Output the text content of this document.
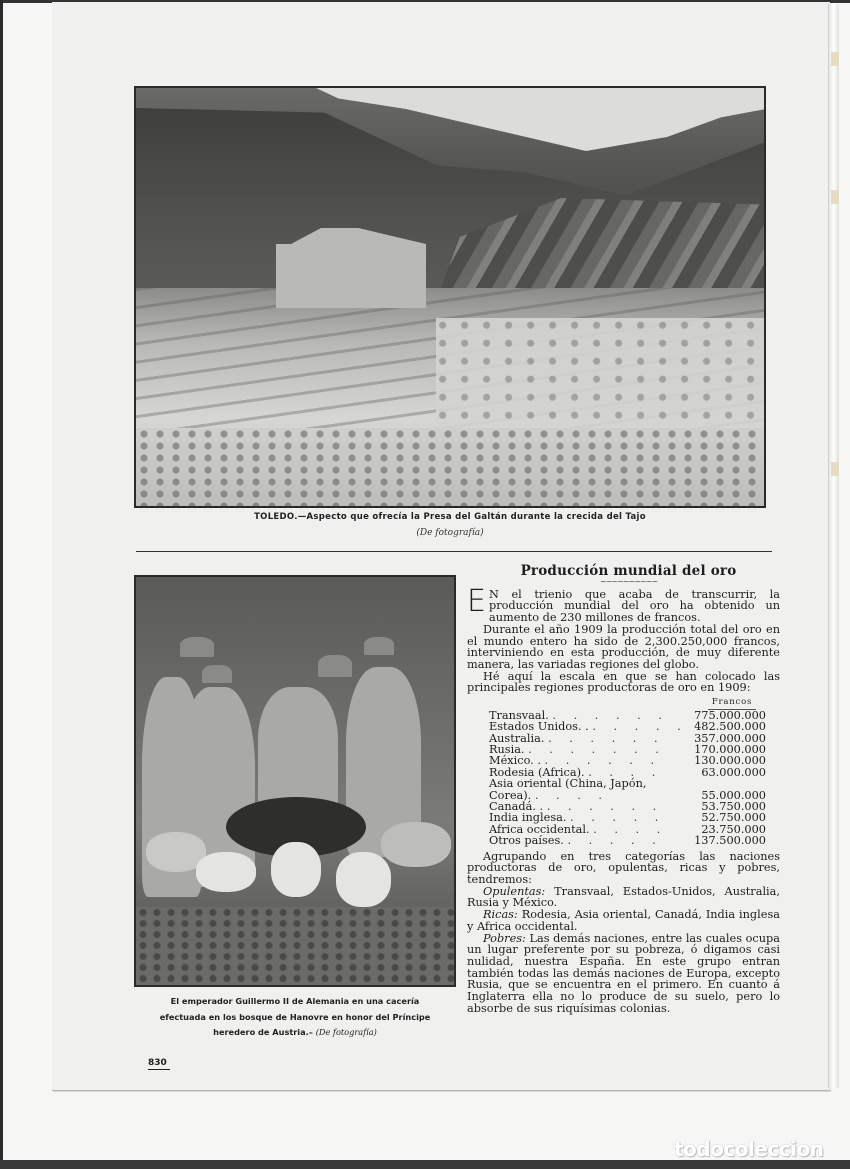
TOLEDO.—Aspecto que ofrecía la Presa del Galtán durante la crecida del Tajo
(De fotografía)
El emperador Guillermo II de Alemania en una cacería
efectuada en los bosque de Hanovre en honor del Príncipe
heredero de Austria.– (De fotografía)
830
Producción mundial del oro
~~~~~~~~~~

E N el trienio que acaba de transcurrir, la producción mundial del oro ha obtenido un aumento de 230 millones de francos.

Durante el año 1909 la producción total del oro en el mundo entero ha sido de 2,300.250,000 francos, interviniendo en esta producción, de muy diferente manera, las variadas regiones del globo.

Hé aquí la escala en que se han colocado las principales regiones productoras de oro en 1909:

Francos
Transvaal. . . . . . .	775.000.000
Estados Unidos. . . . . . .	482.500.000
Australia. . . . . . .	357.000.000
Rusia. . . . . . . .	170.000.000
México. . . . . . . .	130.000.000
Rodesia (Africa). . . . .	63.000.000
Asia oriental (China, Japón, Corea). . . . .	55.000.000
Canadá. . . . . . . .	53.750.000
India inglesa. . . . . .	52.750.000
Africa occidental. . . . .	23.750.000
Otros países. . . . . .	137.500.000

Agrupando en tres categorías las naciones productoras de oro, opulentas, ricas y pobres, tendremos:

Opulentas: Transvaal, Estados-Unidos, Australia, Rusia y México.

Ricas: Rodesia, Asia oriental, Canadá, India inglesa y Africa occidental.

Pobres: Las demás naciones, entre las cuales ocupa un lugar preferente por su pobreza, ó digamos casi nulidad, nuestra España. En este grupo entran también todas las demás naciones de Europa, excepto Rusia, que se encuentra en el primero. En cuanto á Inglaterra ella no lo produce de su suelo, pero lo absorbe de sus riquísimas colonias.

todocoleccion
